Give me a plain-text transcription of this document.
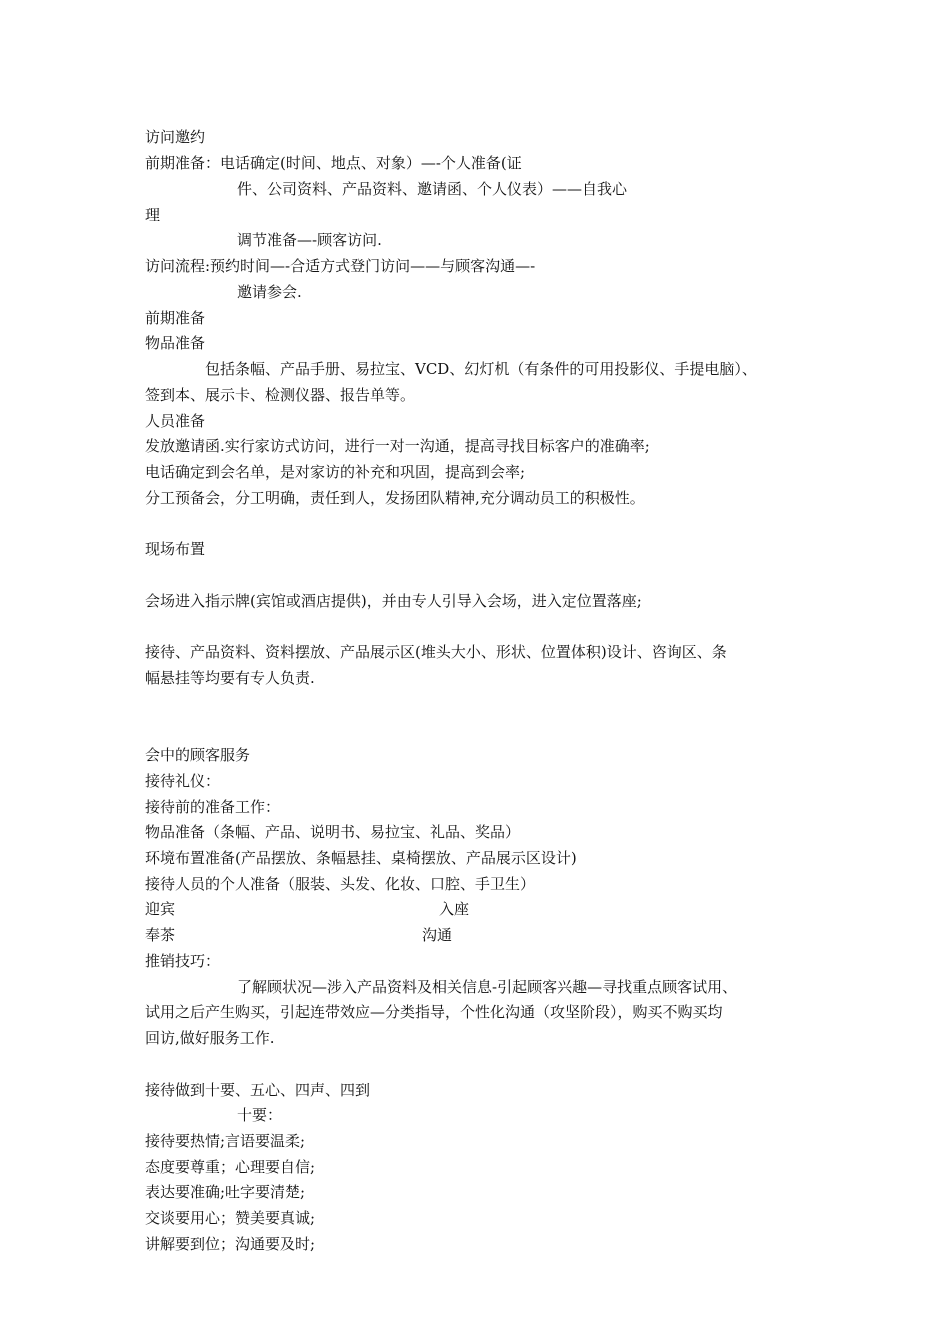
访问邀约
前期准备：电话确定(时间、地点、对象）—-个人准备(证
件、公司资料、产品资料、邀请函、个人仪表）——自我心
理
调节准备—-顾客访问.
访问流程:预约时间—-合适方式登门访问——与顾客沟通—-
邀请参会.
前期准备
物品准备
包括条幅、产品手册、易拉宝、VCD、幻灯机（有条件的可用投影仪、手提电脑）、
签到本、展示卡、检测仪器、报告单等。
人员准备
发放邀请函.实行家访式访问，进行一对一沟通，提高寻找目标客户的准确率;
电话确定到会名单，是对家访的补充和巩固，提高到会率;
分工预备会，分工明确，责任到人，发扬团队精神,充分调动员工的积极性。
现场布置
会场进入指示牌(宾馆或酒店提供)，并由专人引导入会场，进入定位置落座;
接待、产品资料、资料摆放、产品展示区(堆头大小、形状、位置体积)设计、咨询区、条
幅悬挂等均要有专人负责.
会中的顾客服务
接待礼仪：
接待前的准备工作：
物品准备（条幅、产品、说明书、易拉宝、礼品、奖品）
环境布置准备(产品摆放、条幅悬挂、桌椅摆放、产品展示区设计)
接待人员的个人准备（服装、头发、化妆、口腔、手卫生）
迎宾	入座
奉茶	沟通
推销技巧：
了解顾状况—涉入产品资料及相关信息-引起顾客兴趣—寻找重点顾客试用、
试用之后产生购买，引起连带效应—分类指导，个性化沟通（攻坚阶段），购买不购买均
回访,做好服务工作.
接待做到十要、五心、四声、四到
十要：
接待要热情;言语要温柔;
态度要尊重；心理要自信;
表达要准确;吐字要清楚;
交谈要用心；赞美要真诚;
讲解要到位；沟通要及时;
